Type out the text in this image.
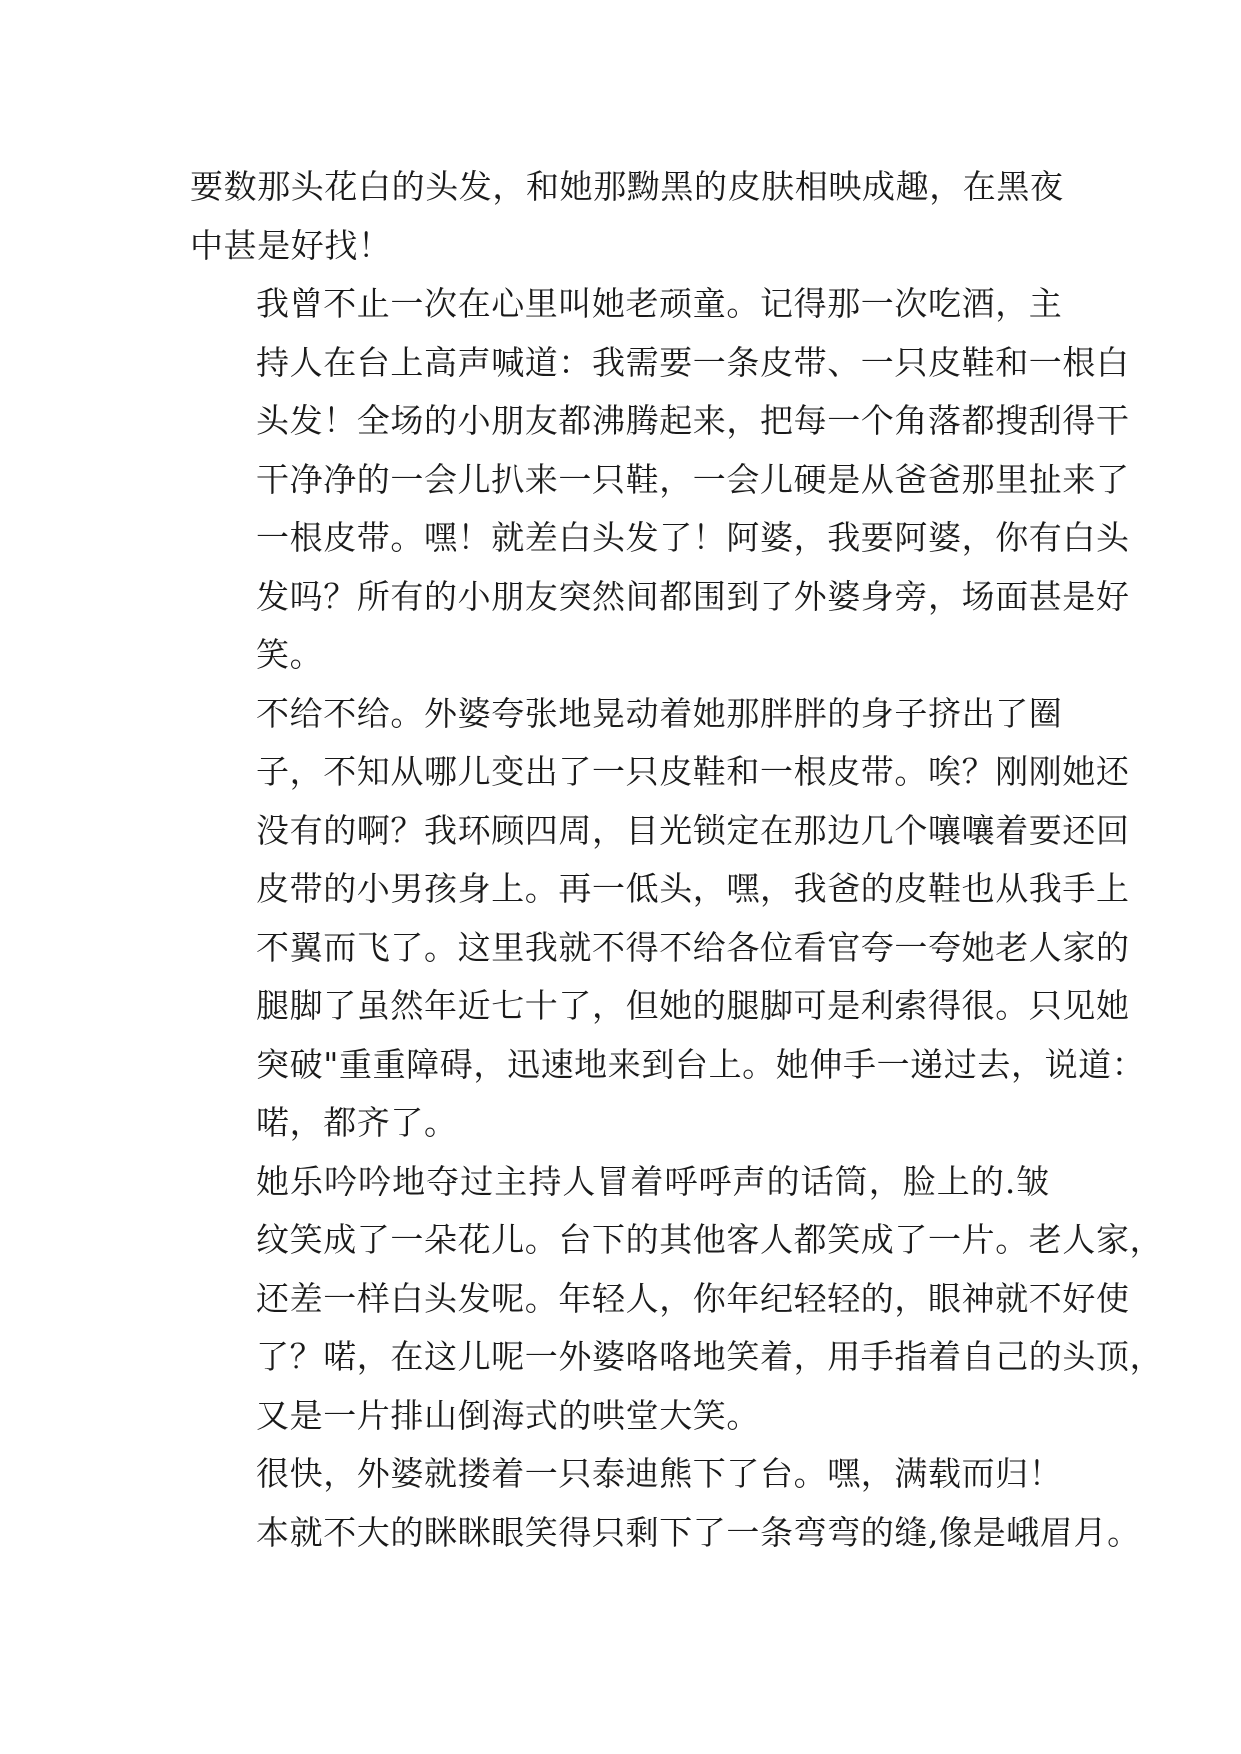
要数那头花白的头发，和她那黝黑的皮肤相映成趣，在黑夜
中甚是好找！
我曾不止一次在心里叫她老顽童。记得那一次吃酒，主
持人在台上高声喊道：我需要一条皮带、一只皮鞋和一根白
头发！全场的小朋友都沸腾起来，把每一个角落都搜刮得干
干净净的一会儿扒来一只鞋，一会儿硬是从爸爸那里扯来了
一根皮带。嘿！就差白头发了！阿婆，我要阿婆，你有白头
发吗？所有的小朋友突然间都围到了外婆身旁，场面甚是好
笑。
不给不给。外婆夸张地晃动着她那胖胖的身子挤出了圈
子，不知从哪儿变出了一只皮鞋和一根皮带。唉？刚刚她还
没有的啊？我环顾四周，目光锁定在那边几个嚷嚷着要还回
皮带的小男孩身上。再一低头，嘿，我爸的皮鞋也从我手上
不翼而飞了。这里我就不得不给各位看官夸一夸她老人家的
腿脚了虽然年近七十了，但她的腿脚可是利索得很。只见她
突破"重重障碍，迅速地来到台上。她伸手一递过去，说道：
喏，都齐了。
她乐吟吟地夺过主持人冒着呼呼声的话筒，脸上的.皱
纹笑成了一朵花儿。台下的其他客人都笑成了一片。老人家，
还差一样白头发呢。年轻人，你年纪轻轻的，眼神就不好使
了？喏，在这儿呢一外婆咯咯地笑着，用手指着自己的头顶，
又是一片排山倒海式的哄堂大笑。
很快，外婆就搂着一只泰迪熊下了台。嘿，满载而归！
本就不大的眯眯眼笑得只剩下了一条弯弯的缝,像是峨眉月。
